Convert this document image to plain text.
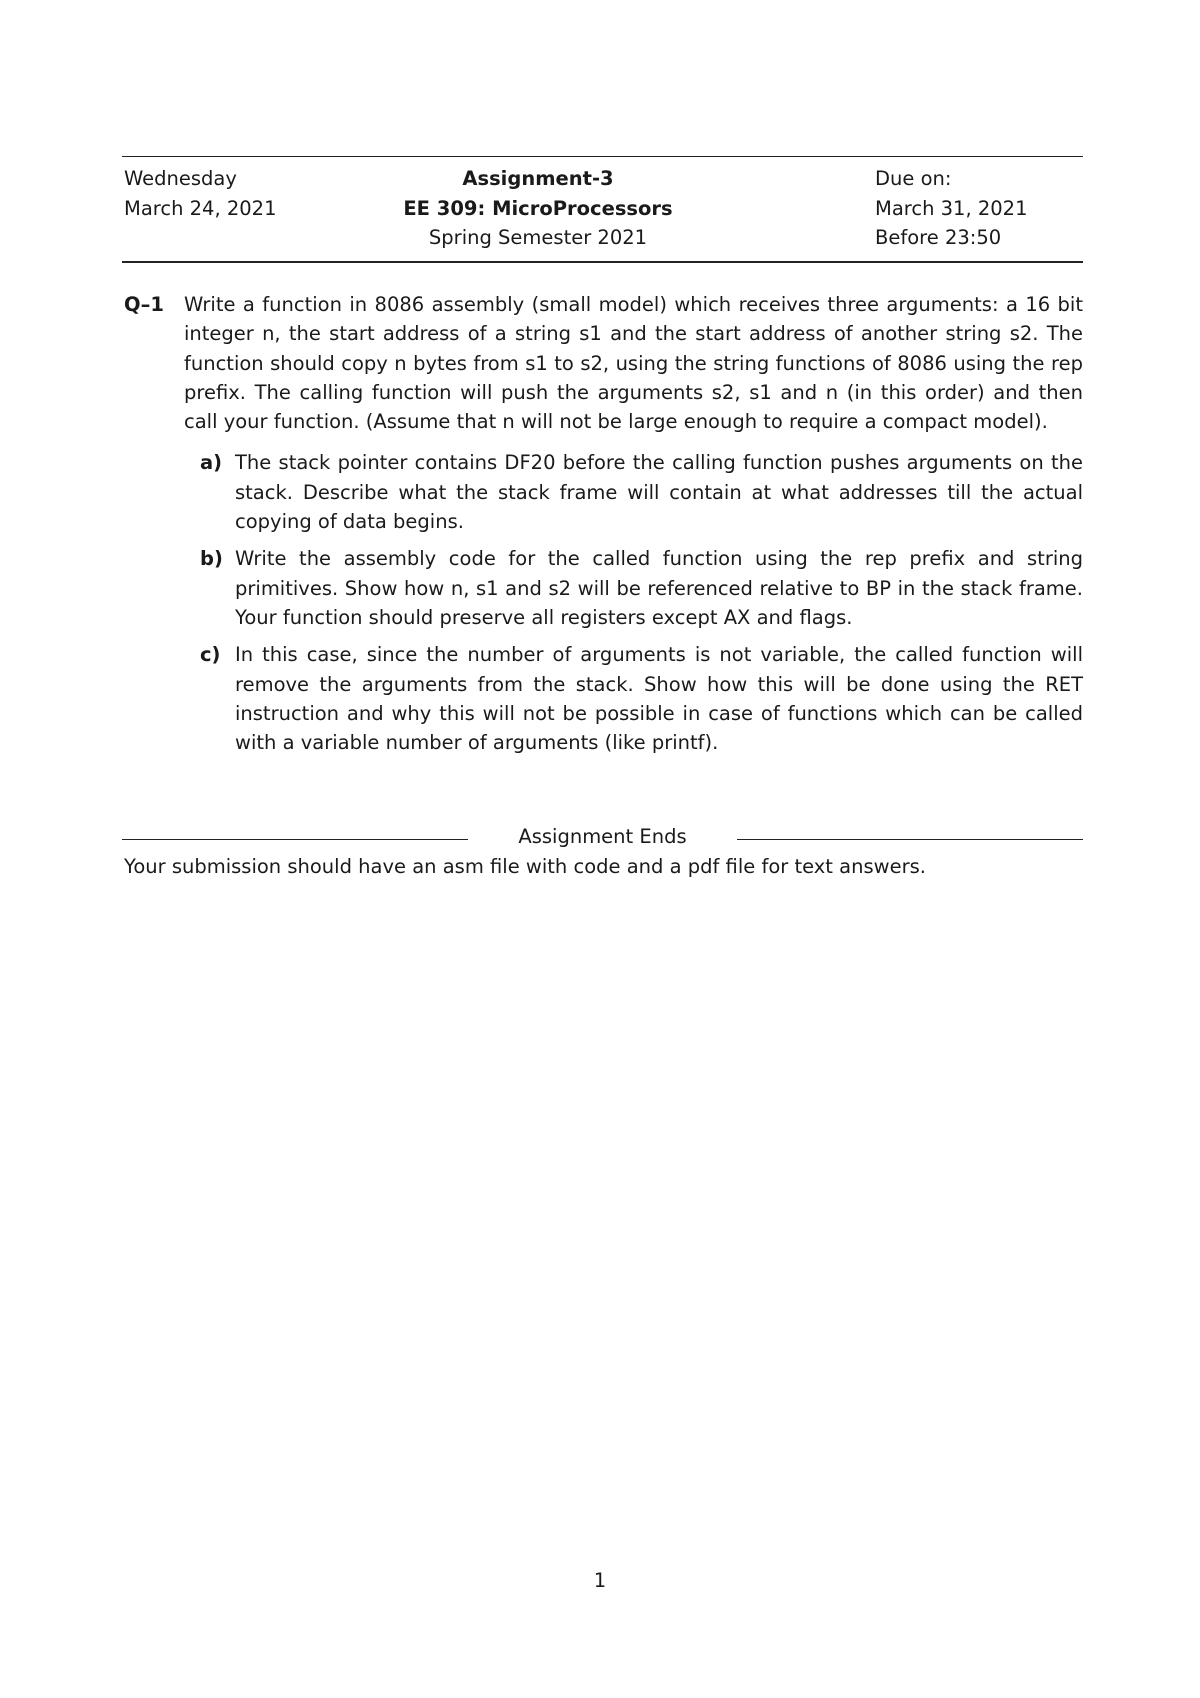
Wednesday
March 24, 2021
Assignment-3
EE 309: MicroProcessors
Spring Semester 2021
Due on:
March 31, 2021
Before 23:50
Q–1 Write a function in 8086 assembly (small model) which receives three arguments: a 16 bit integer n, the start address of a string s1 and the start address of another string s2. The function should copy n bytes from s1 to s2, using the string functions of 8086 using the rep prefix. The calling function will push the arguments s2, s1 and n (in this order) and then call your function. (Assume that n will not be large enough to require a compact model).
a) The stack pointer contains DF20 before the calling function pushes arguments on the stack. Describe what the stack frame will contain at what addresses till the actual copying of data begins.
b) Write the assembly code for the called function using the rep prefix and string primitives. Show how n, s1 and s2 will be referenced relative to BP in the stack frame. Your function should preserve all registers except AX and flags.
c) In this case, since the number of arguments is not variable, the called function will remove the arguments from the stack. Show how this will be done using the RET instruction and why this will not be possible in case of functions which can be called with a variable number of arguments (like printf).
Assignment Ends
Your submission should have an asm file with code and a pdf file for text answers.
1
